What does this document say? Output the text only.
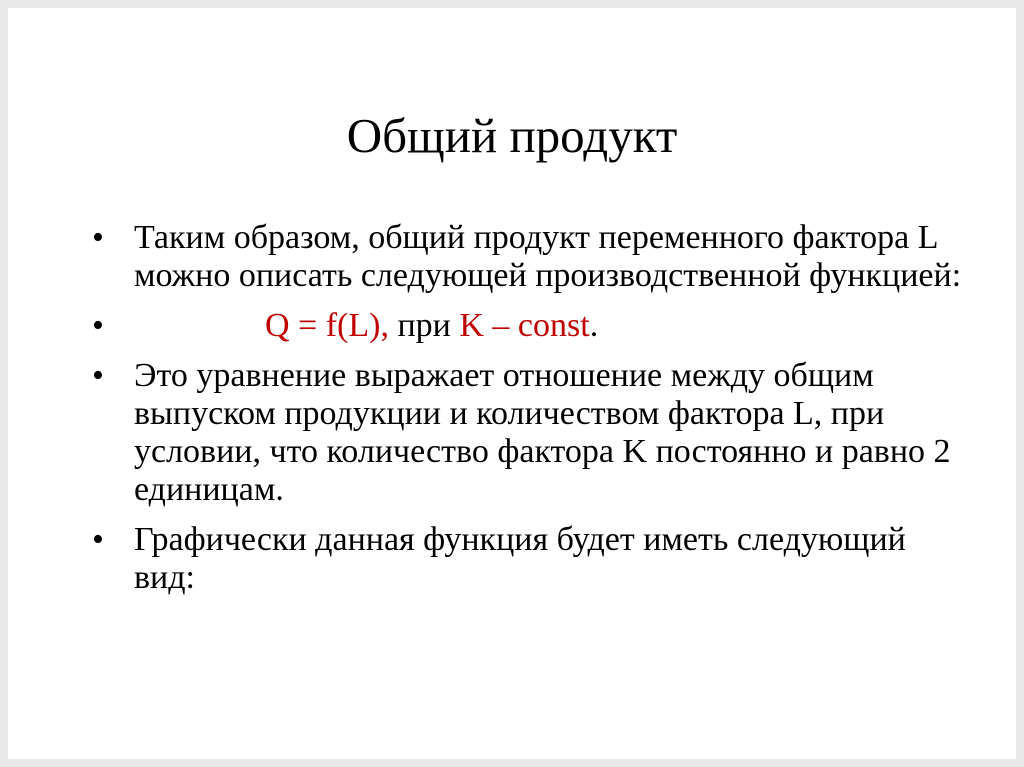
Общий продукт
• Таким образом, общий продукт переменного фактора L можно описать следующей производственной функцией:
•	Q = f(L), при K – const.
• Это уравнение выражает отношение между общим выпуском продукции и количеством фактора L, при условии, что количество фактора K постоянно и равно 2 единицам.
• Графически данная функция будет иметь следующий вид:
